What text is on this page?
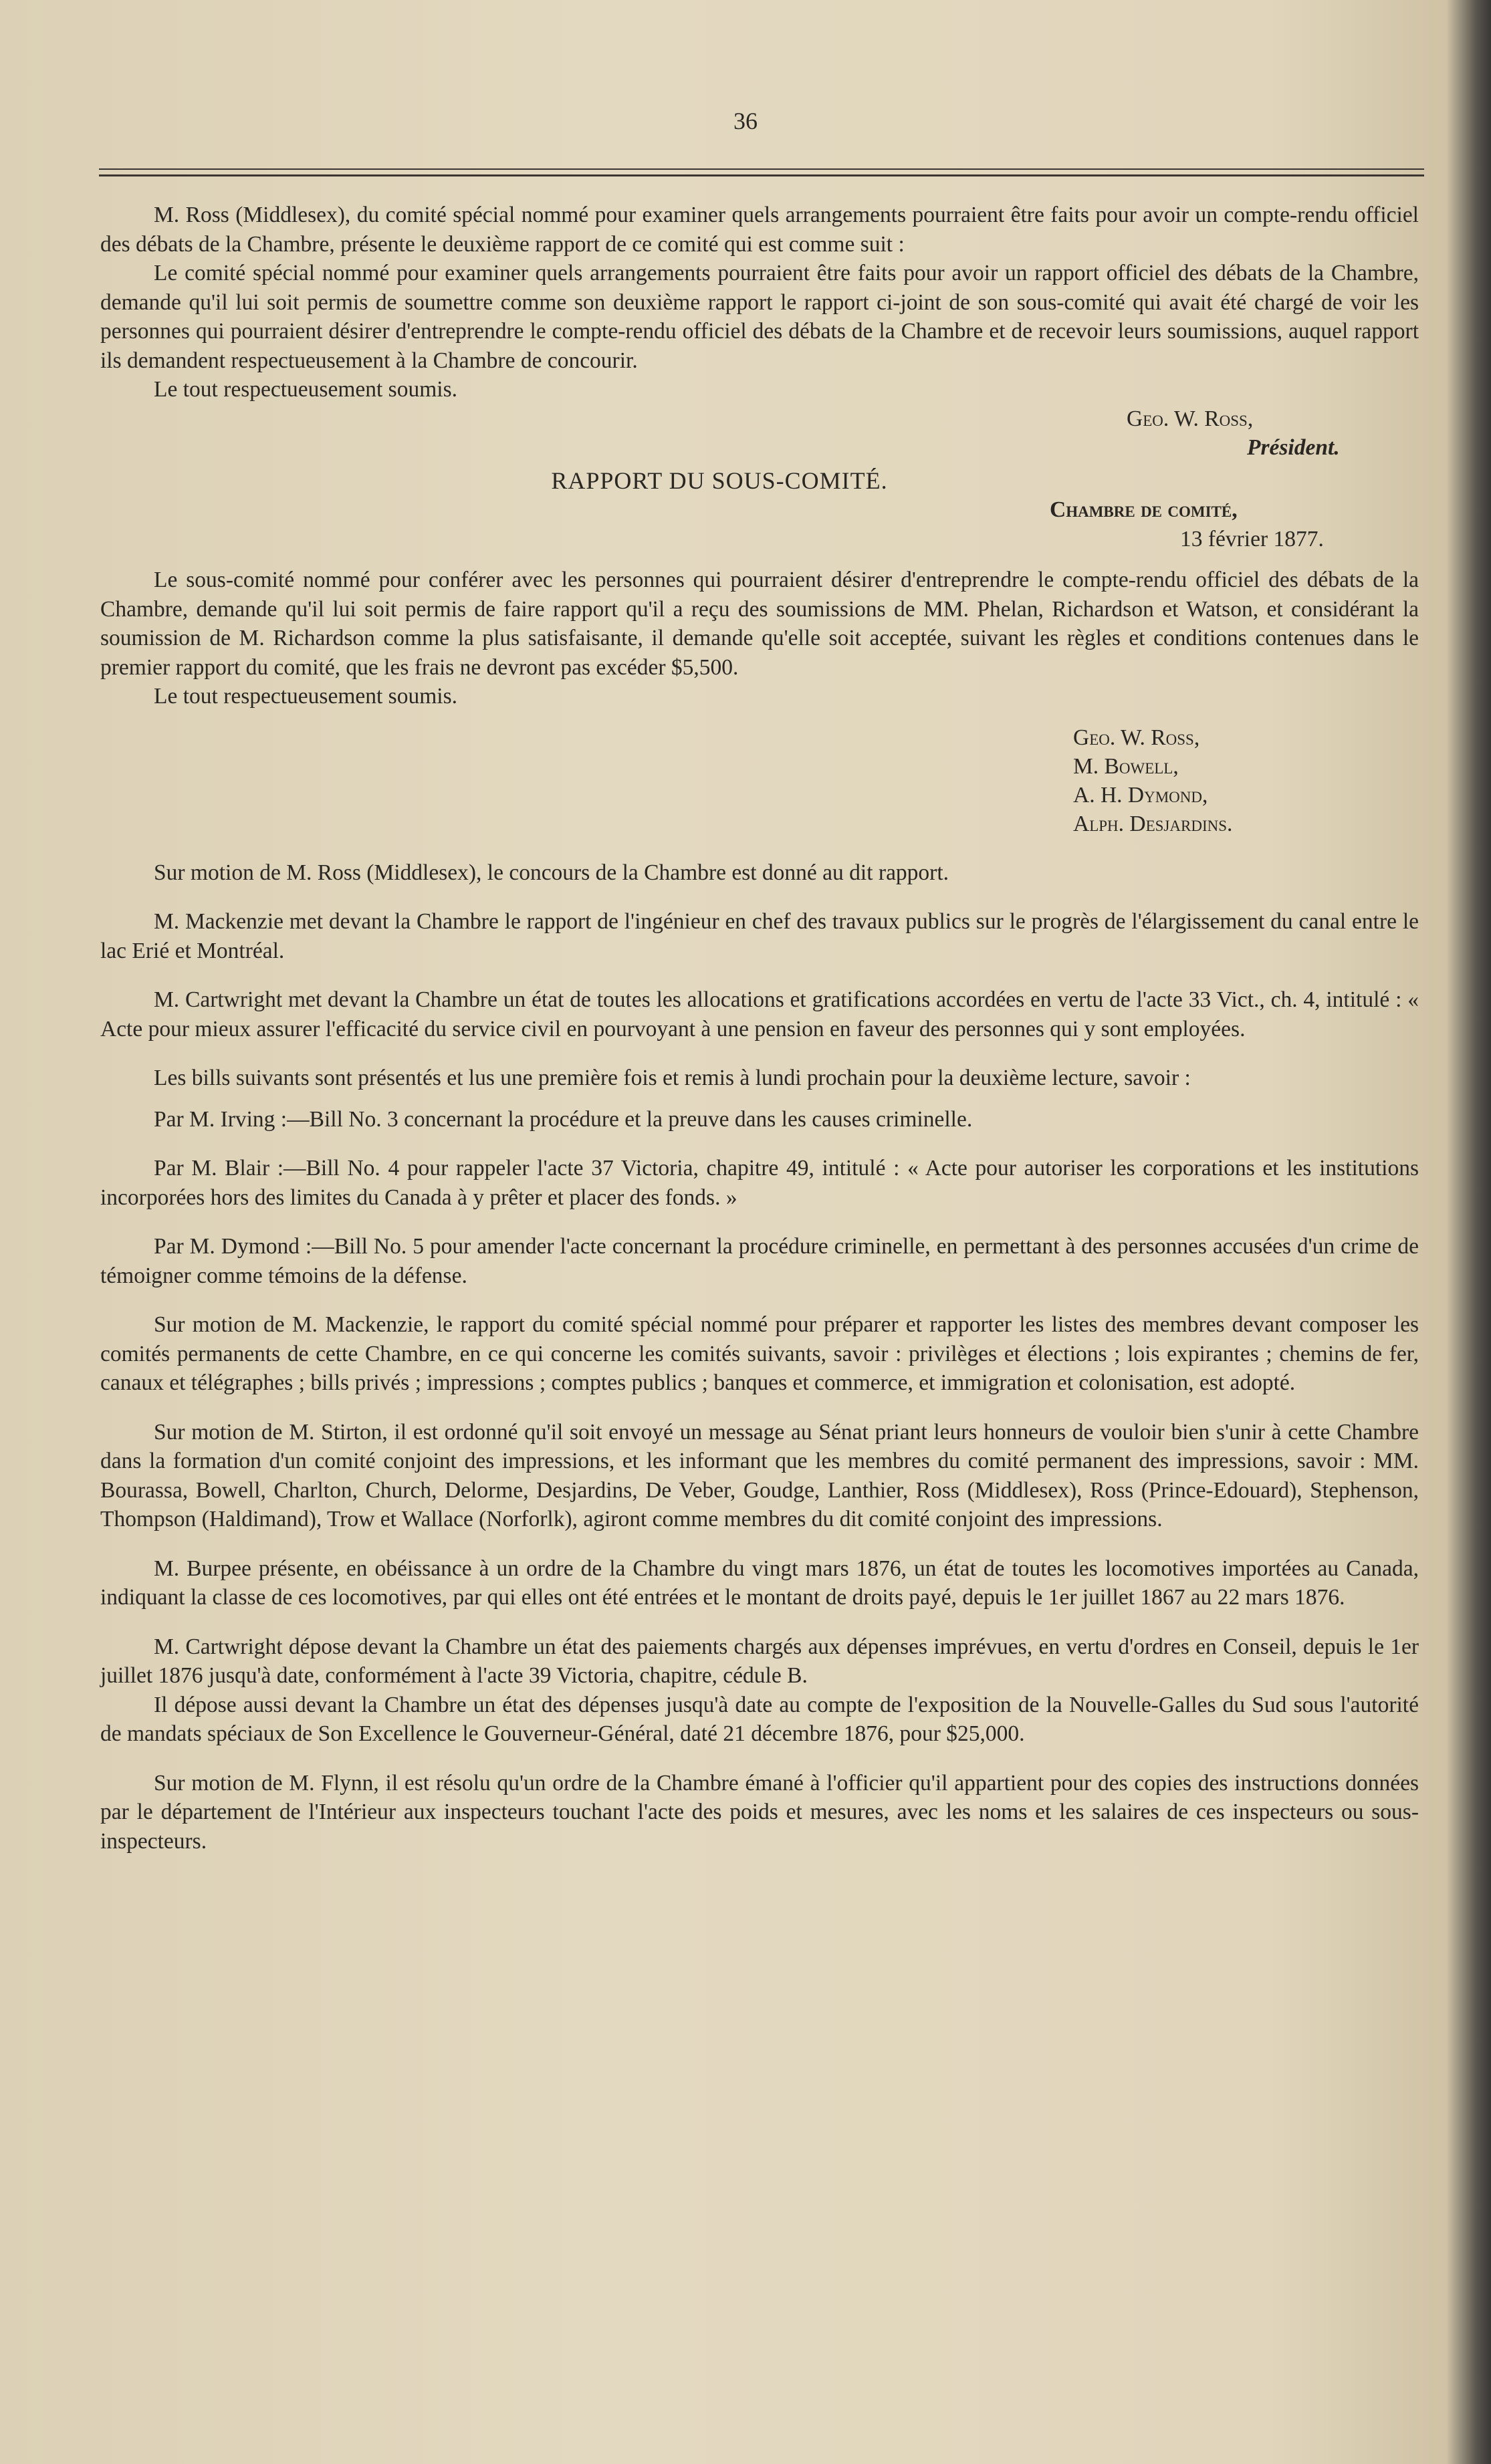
36

M. Ross (Middlesex), du comité spécial nommé pour examiner quels arrangements pourraient être faits pour avoir un compte-rendu officiel des débats de la Chambre, présente le deuxième rapport de ce comité qui est comme suit :

Le comité spécial nommé pour examiner quels arrangements pourraient être faits pour avoir un rapport officiel des débats de la Chambre, demande qu'il lui soit permis de soumettre comme son deuxième rapport le rapport ci-joint de son sous-comité qui avait été chargé de voir les personnes qui pourraient désirer d'entreprendre le compte-rendu officiel des débats de la Chambre et de recevoir leurs soumissions, auquel rapport ils demandent respectueusement à la Chambre de concourir.

Le tout respectueusement soumis.

Geo. W. Ross,
Président.
RAPPORT DU SOUS-COMITÉ.
Chambre de comité,
13 février 1877.

Le sous-comité nommé pour conférer avec les personnes qui pourraient désirer d'entreprendre le compte-rendu officiel des débats de la Chambre, demande qu'il lui soit permis de faire rapport qu'il a reçu des soumissions de MM. Phelan, Richardson et Watson, et considérant la soumission de M. Richardson comme la plus satisfaisante, il demande qu'elle soit acceptée, suivant les règles et conditions contenues dans le premier rapport du comité, que les frais ne devront pas excéder $5,500.

Le tout respectueusement soumis.

Geo. W. Ross,
M. Bowell,
A. H. Dymond,
Alph. Desjardins.

Sur motion de M. Ross (Middlesex), le concours de la Chambre est donné au dit rapport.

M. Mackenzie met devant la Chambre le rapport de l'ingénieur en chef des travaux publics sur le progrès de l'élargissement du canal entre le lac Erié et Montréal.

M. Cartwright met devant la Chambre un état de toutes les allocations et gratifications accordées en vertu de l'acte 33 Vict., ch. 4, intitulé : « Acte pour mieux assurer l'efficacité du service civil en pourvoyant à une pension en faveur des personnes qui y sont employées.

Les bills suivants sont présentés et lus une première fois et remis à lundi prochain pour la deuxième lecture, savoir :

Par M. Irving :—Bill No. 3 concernant la procédure et la preuve dans les causes criminelle.

Par M. Blair :—Bill No. 4 pour rappeler l'acte 37 Victoria, chapitre 49, intitulé : « Acte pour autoriser les corporations et les institutions incorporées hors des limites du Canada à y prêter et placer des fonds. »

Par M. Dymond :—Bill No. 5 pour amender l'acte concernant la procédure criminelle, en permettant à des personnes accusées d'un crime de témoigner comme témoins de la défense.

Sur motion de M. Mackenzie, le rapport du comité spécial nommé pour préparer et rapporter les listes des membres devant composer les comités permanents de cette Chambre, en ce qui concerne les comités suivants, savoir : privilèges et élections ; lois expirantes ; chemins de fer, canaux et télégraphes ; bills privés ; impressions ; comptes publics ; banques et commerce, et immigration et colonisation, est adopté.

Sur motion de M. Stirton, il est ordonné qu'il soit envoyé un message au Sénat priant leurs honneurs de vouloir bien s'unir à cette Chambre dans la formation d'un comité conjoint des impressions, et les informant que les membres du comité permanent des impressions, savoir : MM. Bourassa, Bowell, Charlton, Church, Delorme, Desjardins, De Veber, Goudge, Lanthier, Ross (Middlesex), Ross (Prince-Edouard), Stephenson, Thompson (Haldimand), Trow et Wallace (Norforlk), agiront comme membres du dit comité conjoint des impressions.

M. Burpee présente, en obéissance à un ordre de la Chambre du vingt mars 1876, un état de toutes les locomotives importées au Canada, indiquant la classe de ces locomotives, par qui elles ont été entrées et le montant de droits payé, depuis le 1er juillet 1867 au 22 mars 1876.

M. Cartwright dépose devant la Chambre un état des paiements chargés aux dépenses imprévues, en vertu d'ordres en Conseil, depuis le 1er juillet 1876 jusqu'à date, conformément à l'acte 39 Victoria, chapitre, cédule B.

Il dépose aussi devant la Chambre un état des dépenses jusqu'à date au compte de l'exposition de la Nouvelle-Galles du Sud sous l'autorité de mandats spéciaux de Son Excellence le Gouverneur-Général, daté 21 décembre 1876, pour $25,000.

Sur motion de M. Flynn, il est résolu qu'un ordre de la Chambre émané à l'officier qu'il appartient pour des copies des instructions données par le département de l'Intérieur aux inspecteurs touchant l'acte des poids et mesures, avec les noms et les salaires de ces inspecteurs ou sous-inspecteurs.
